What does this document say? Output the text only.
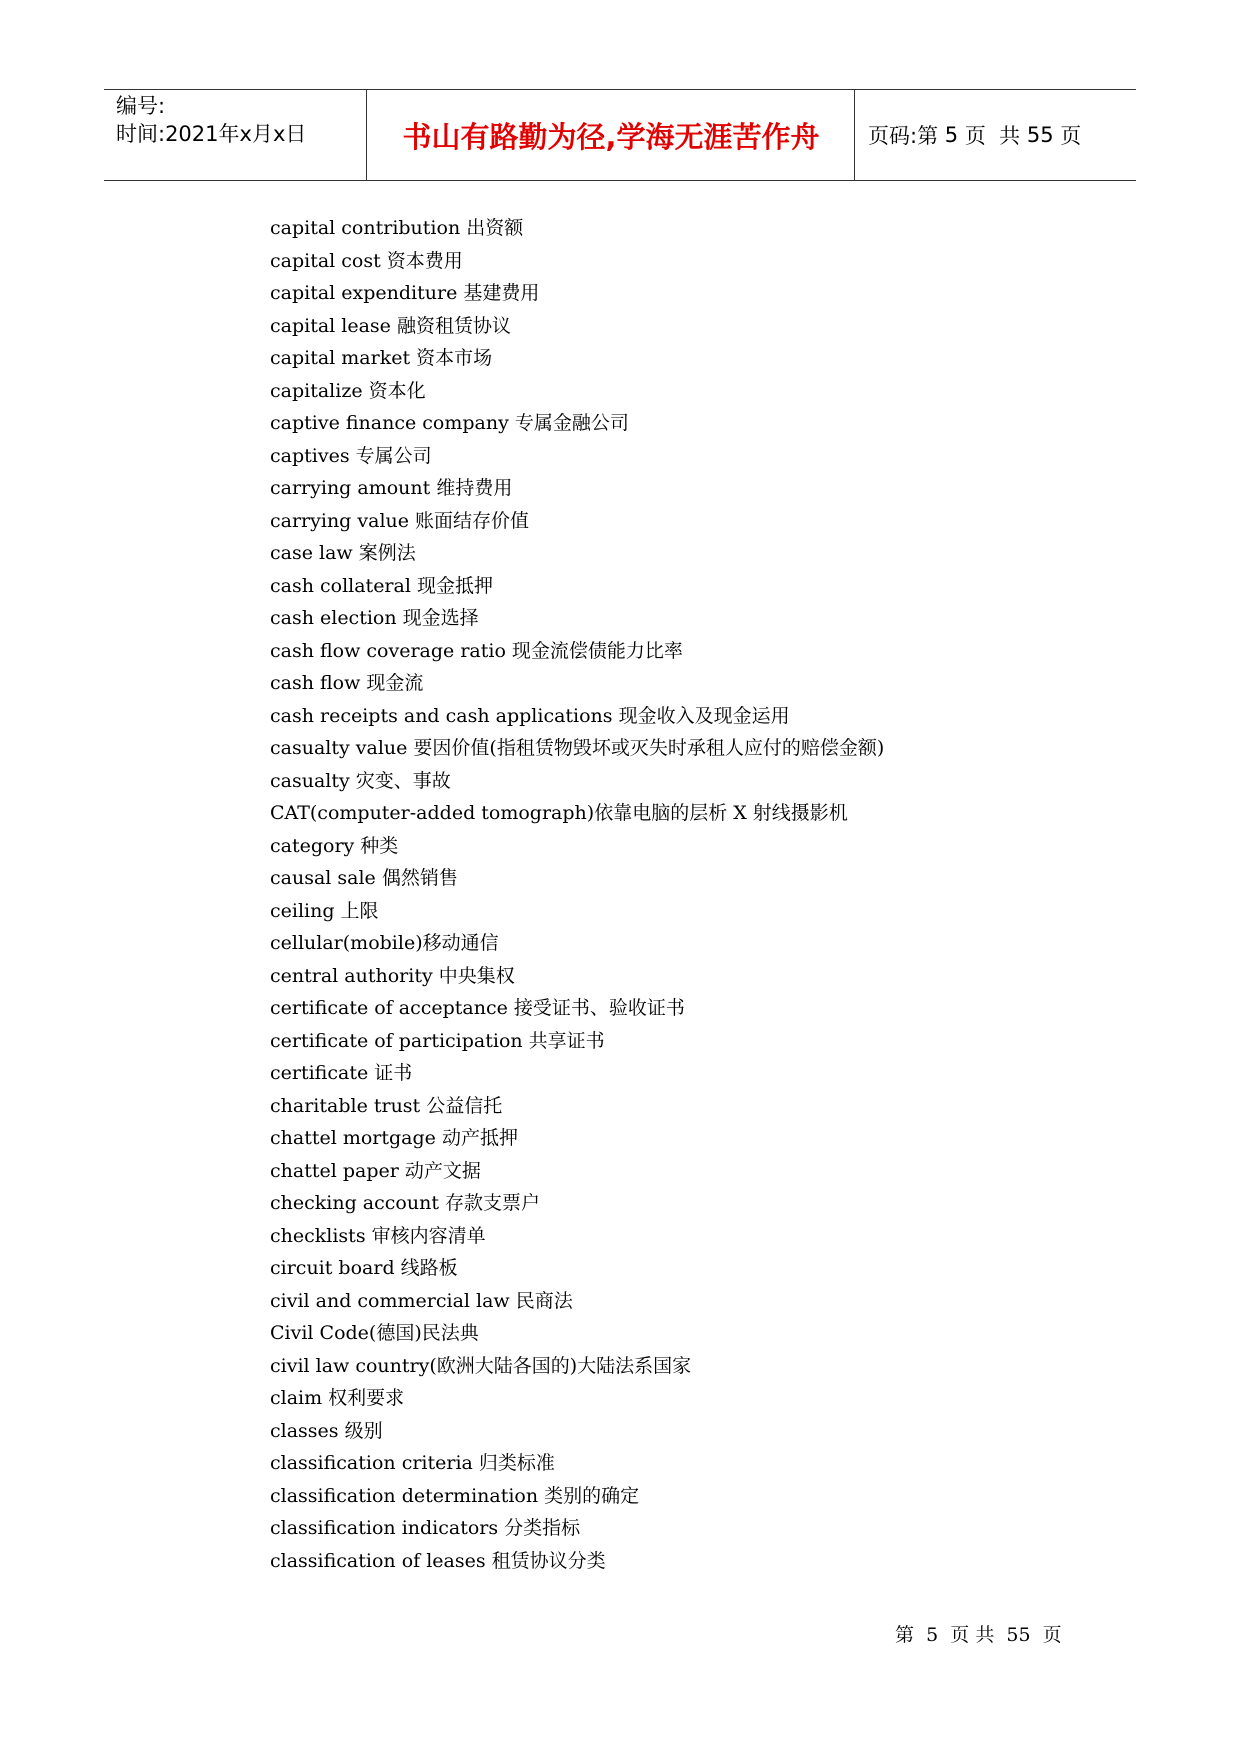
编号:
时间:2021年x月x日	书山有路勤为径,学海无涯苦作舟	页码:第 5 页  共 55 页
capital contribution 出资额
capital cost 资本费用
capital expenditure 基建费用
capital lease 融资租赁协议
capital market 资本市场
capitalize 资本化
captive finance company 专属金融公司
captives 专属公司
carrying amount 维持费用
carrying value 账面结存价值
case law 案例法
cash collateral 现金抵押
cash election 现金选择
cash flow coverage ratio 现金流偿债能力比率
cash flow 现金流
cash receipts and cash applications 现金收入及现金运用
casualty value 要因价值(指租赁物毁坏或灭失时承租人应付的赔偿金额)
casualty 灾变、事故
CAT(computer-added tomograph)依靠电脑的层析 X 射线摄影机
category 种类
causal sale 偶然销售
ceiling 上限
cellular(mobile)移动通信
central authority 中央集权
certificate of acceptance 接受证书、验收证书
certificate of participation 共享证书
certificate 证书
charitable trust 公益信托
chattel mortgage 动产抵押
chattel paper 动产文据
checking account 存款支票户
checklists 审核内容清单
circuit board 线路板
civil and commercial law 民商法
Civil Code(德国)民法典
civil law country(欧洲大陆各国的)大陆法系国家
claim 权利要求
classes 级别
classification criteria 归类标准
classification determination 类别的确定
classification indicators 分类指标
classification of leases 租赁协议分类
第  5  页 共  55  页
